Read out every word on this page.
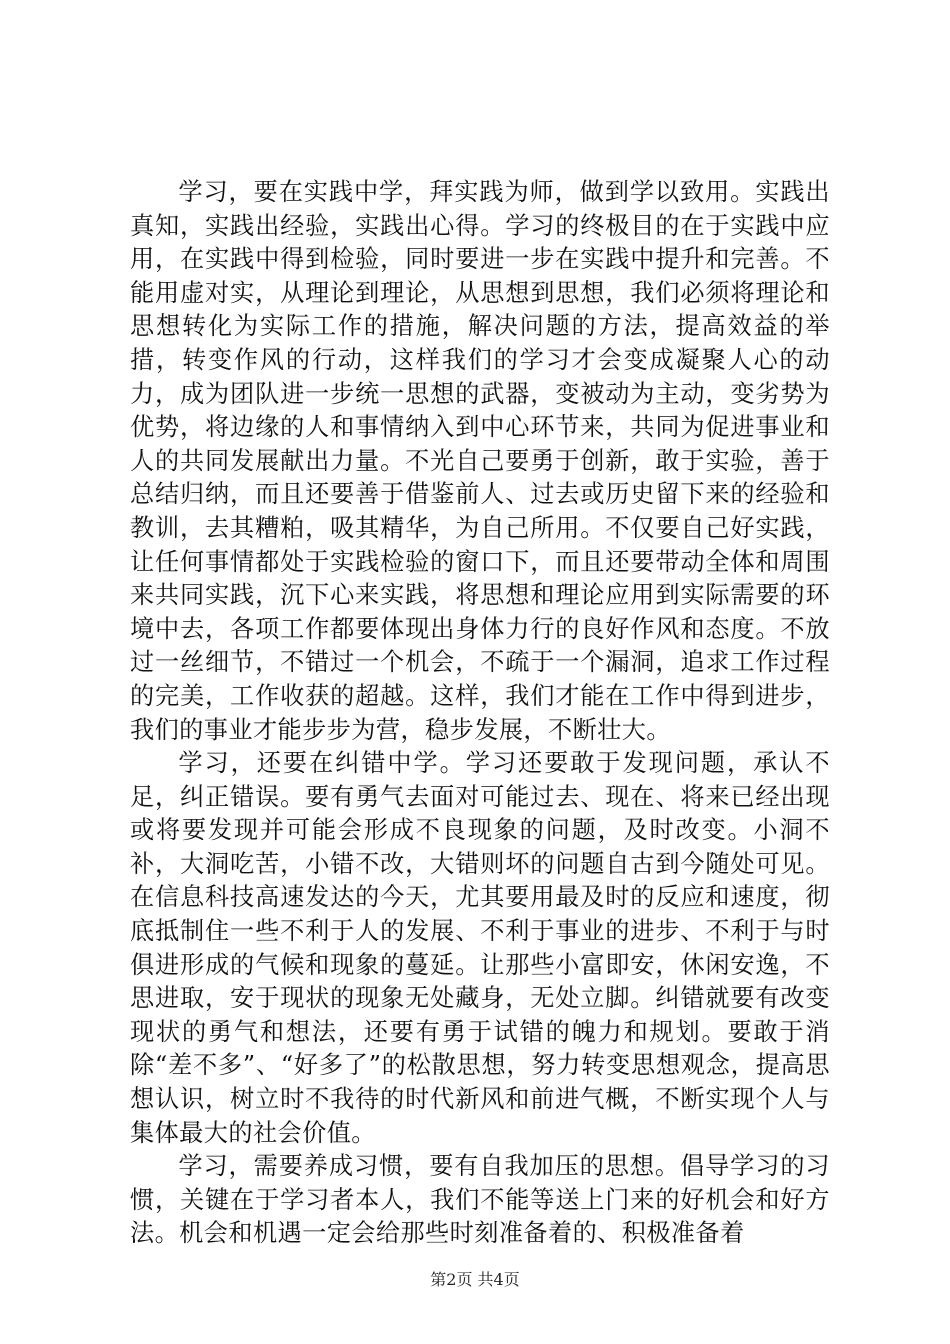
学习，要在实践中学，拜实践为师，做到学以致用。实践出真知，实践出经验，实践出心得。学习的终极目的在于实践中应用，在实践中得到检验，同时要进一步在实践中提升和完善。不能用虚对实，从理论到理论，从思想到思想，我们必须将理论和思想转化为实际工作的措施，解决问题的方法，提高效益的举措，转变作风的行动，这样我们的学习才会变成凝聚人心的动力，成为团队进一步统一思想的武器，变被动为主动，变劣势为优势，将边缘的人和事情纳入到中心环节来，共同为促进事业和人的共同发展献出力量。不光自己要勇于创新，敢于实验，善于总结归纳，而且还要善于借鉴前人、过去或历史留下来的经验和教训，去其糟粕，吸其精华，为自己所用。不仅要自己好实践，让任何事情都处于实践检验的窗口下，而且还要带动全体和周围来共同实践，沉下心来实践，将思想和理论应用到实际需要的环境中去，各项工作都要体现出身体力行的良好作风和态度。不放过一丝细节，不错过一个机会，不疏于一个漏洞，追求工作过程的完美，工作收获的超越。这样，我们才能在工作中得到进步，我们的事业才能步步为营，稳步发展，不断壮大。

学习，还要在纠错中学。学习还要敢于发现问题，承认不足，纠正错误。要有勇气去面对可能过去、现在、将来已经出现或将要发现并可能会形成不良现象的问题，及时改变。小洞不补，大洞吃苦，小错不改，大错则坏的问题自古到今随处可见。在信息科技高速发达的今天，尤其要用最及时的反应和速度，彻底抵制住一些不利于人的发展、不利于事业的进步、不利于与时俱进形成的气候和现象的蔓延。让那些小富即安，休闲安逸，不思进取，安于现状的现象无处藏身，无处立脚。纠错就要有改变现状的勇气和想法，还要有勇于试错的魄力和规划。要敢于消除“差不多”、“好多了”的松散思想，努力转变思想观念，提高思想认识，树立时不我待的时代新风和前进气概，不断实现个人与集体最大的社会价值。

学习，需要养成习惯，要有自我加压的思想。倡导学习的习惯，关键在于学习者本人，我们不能等送上门来的好机会和好方法。机会和机遇一定会给那些时刻准备着的、积极准备着

第2页 共4页
